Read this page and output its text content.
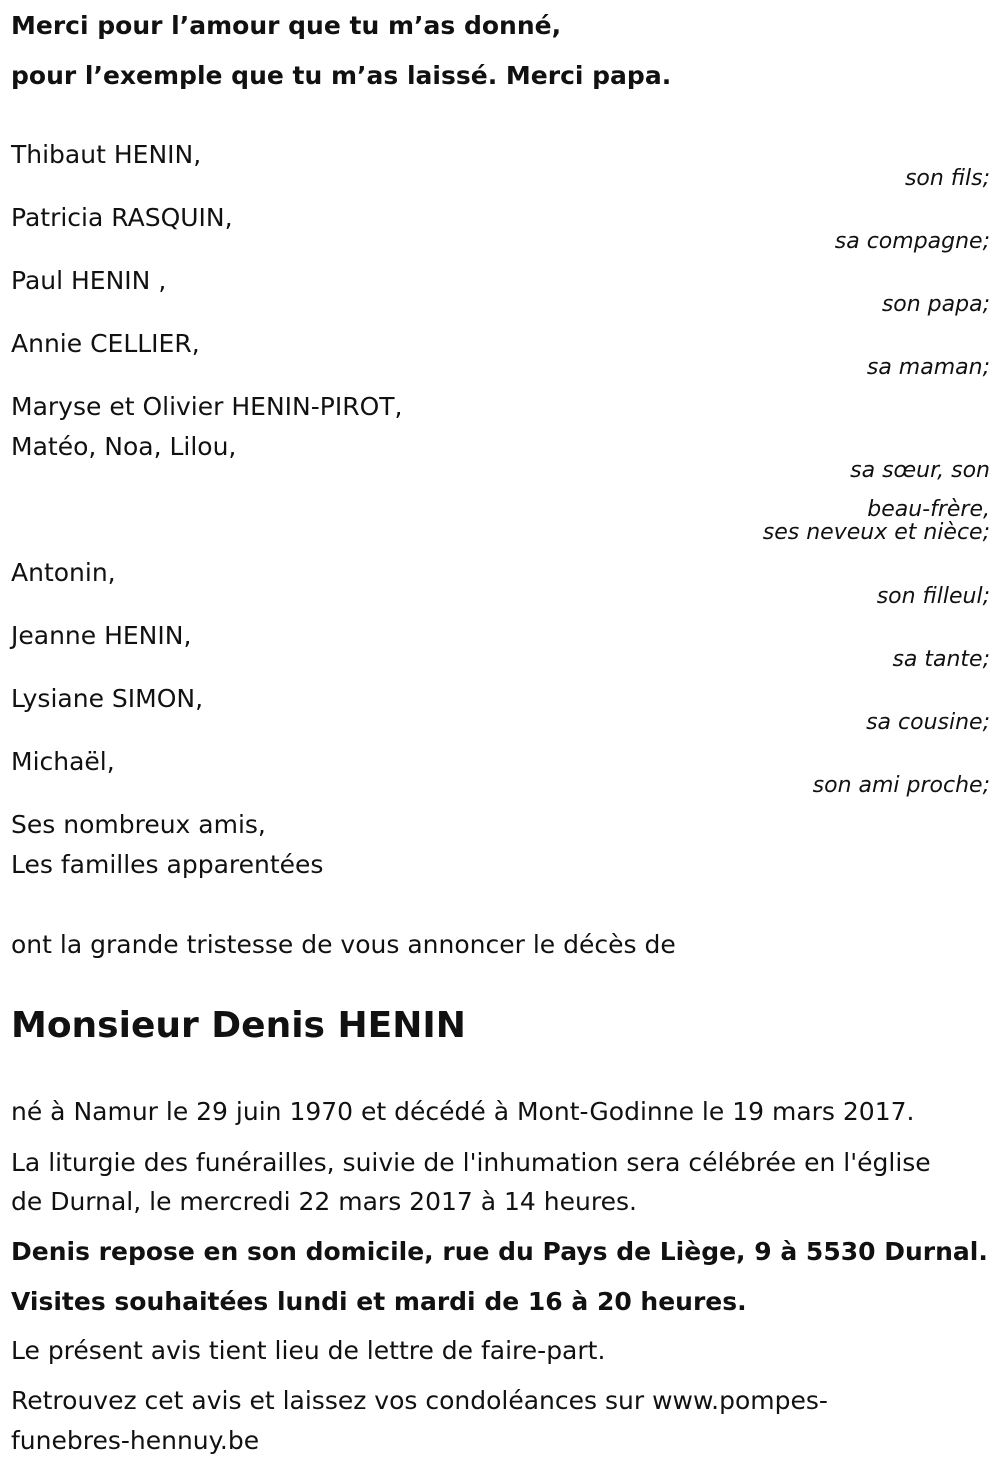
Merci pour l’amour que tu m’as donné,
pour l’exemple que tu m’as laissé. Merci papa.
Thibaut HENIN,
son fils;
Patricia RASQUIN,
sa compagne;
Paul HENIN ,
son papa;
Annie CELLIER,
sa maman;
Maryse et Olivier HENIN-PIROT,
Matéo, Noa, Lilou,
sa sœur, son
beau-frère,
ses neveux et nièce;
Antonin,
son filleul;
Jeanne HENIN,
sa tante;
Lysiane SIMON,
sa cousine;
Michaël,
son ami proche;
Ses nombreux amis,
Les familles apparentées
ont la grande tristesse de vous annoncer le décès de
Monsieur Denis HENIN
né à Namur le 29 juin 1970 et décédé à Mont-Godinne le 19 mars 2017.
La liturgie des funérailles, suivie de l'inhumation sera célébrée en l'église
de Durnal, le mercredi 22 mars 2017 à 14 heures.
Denis repose en son domicile, rue du Pays de Liège, 9 à 5530 Durnal.
Visites souhaitées lundi et mardi de 16 à 20 heures.
Le présent avis tient lieu de lettre de faire-part.
Retrouvez cet avis et laissez vos condoléances sur www.pompes-
funebres-hennuy.be
